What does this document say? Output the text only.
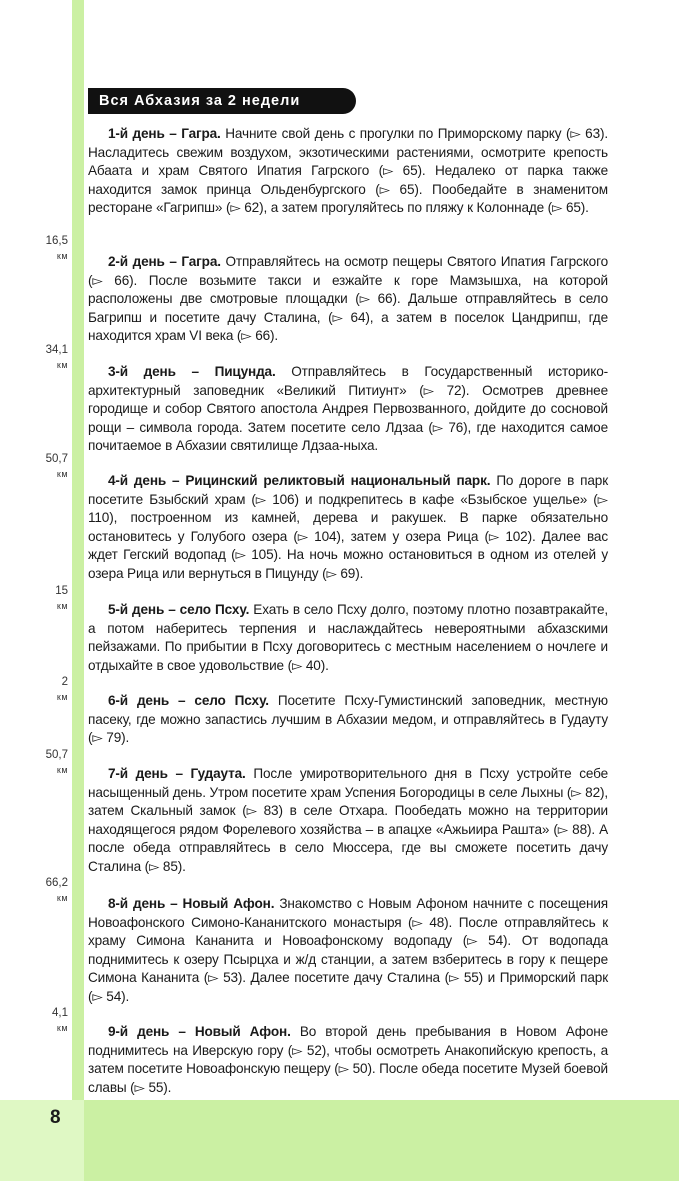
8
Вся Абхазия за 2 недели
16,5
км
34,1
км
50,7
км
15
км
2
км
50,7
км
66,2
км
4,1
км

1-й день – Гагра. Начните свой день с прогулки по Приморскому парку (▻ 63). Насладитесь свежим воздухом, экзотическими растениями, осмотрите крепость Абаата и храм Святого Ипатия Гагрского (▻ 65). Недалеко от парка также находится замок принца Ольденбургского (▻ 65). Пообедайте в знаменитом ресторане «Гагрипш» (▻ 62), а затем прогуляйтесь по пляжу к Колоннаде (▻ 65).

2-й день – Гагра. Отправляйтесь на осмотр пещеры Святого Ипатия Гагрского (▻ 66). После возьмите такси и езжайте к горе Мамзышха, на которой расположены две смотровые площадки (▻ 66). Дальше отправляйтесь в село Багрипш и посетите дачу Сталина, (▻ 64), а затем в поселок Цандрипш, где находится храм VI века (▻ 66).

3-й день – Пицунда. Отправляйтесь в Государственный историко-архитектурный заповедник «Великий Питиунт» (▻ 72). Осмотрев древнее городище и собор Святого апостола Андрея Первозванного, дойдите до сосновой рощи – символа города. Затем посетите село Лдзаа (▻ 76), где находится самое почитаемое в Абхазии святилище Лдзаа-ныха.

4-й день – Рицинский реликтовый национальный парк. По дороге в парк посетите Бзыбский храм (▻ 106) и подкрепитесь в кафе «Бзыбское ущелье» (▻ 110), построенном из камней, дерева и ракушек. В парке обязательно остановитесь у Голубого озера (▻ 104), затем у озера Рица (▻ 102). Далее вас ждет Гегский водопад (▻ 105). На ночь можно остановиться в одном из отелей у озера Рица или вернуться в Пицунду (▻ 69).

5-й день – село Псху. Ехать в село Псху долго, поэтому плотно позавтракайте, а потом наберитесь терпения и наслаждайтесь невероятными абхазскими пейзажами. По прибытии в Псху договоритесь с местным населением о ночлеге и отдыхайте в свое удовольствие (▻ 40).

6-й день – село Псху. Посетите Псху-Гумистинский заповедник, местную пасеку, где можно запастись лучшим в Абхазии медом, и отправляйтесь в Гудауту (▻ 79).

7-й день – Гудаута. После умиротворительного дня в Псху устройте себе насыщенный день. Утром посетите храм Успения Богородицы в селе Лыхны (▻ 82), затем Скальный замок (▻ 83) в селе Отхара. Пообедать можно на территории находящегося рядом Форелевого хозяйства – в апацхе «Ажьиира Рашта» (▻ 88). А после обеда отправляйтесь в село Мюссера, где вы сможете посетить дачу Сталина (▻ 85).

8-й день – Новый Афон. Знакомство с Новым Афоном начните с посещения Новоафонского Симоно-Кананитского монастыря (▻ 48). После отправляйтесь к храму Симона Кананита и Новоафонскому водопаду (▻ 54). От водопада поднимитесь к озеру Псырцха и ж/д станции, а затем взберитесь в гору к пещере Симона Кананита (▻ 53). Далее посетите дачу Сталина (▻ 55) и Приморский парк (▻ 54).

9-й день – Новый Афон. Во второй день пребывания в Новом Афоне поднимитесь на Иверскую гору (▻ 52), чтобы осмотреть Анакопийскую крепость, а затем посетите Новоафонскую пещеру (▻ 50). После обеда посетите Музей боевой славы (▻ 55).
